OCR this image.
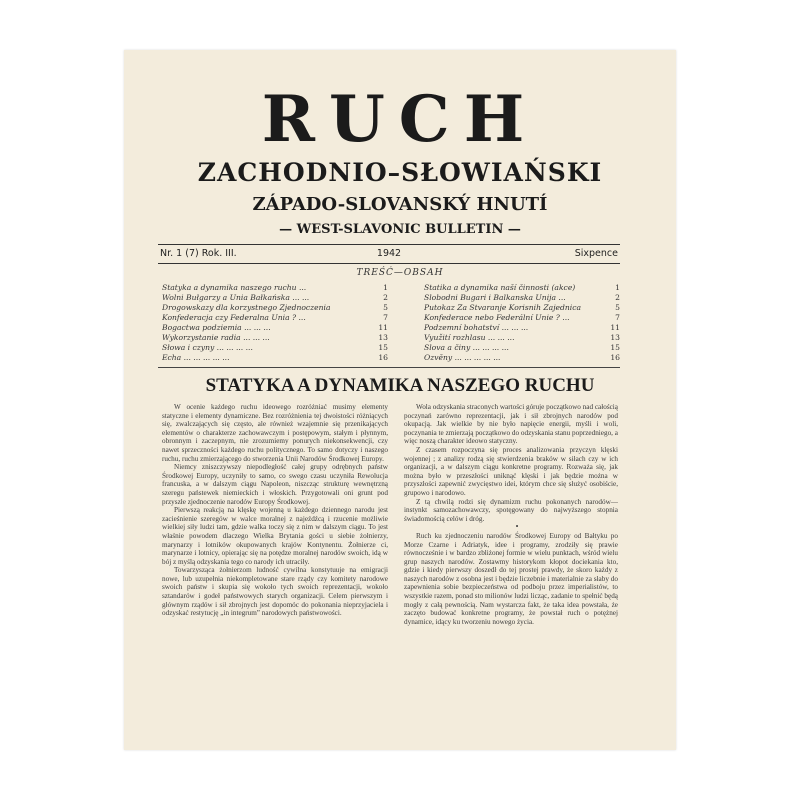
RUCH
ZACHODNIO–SŁOWIAŃSKI
ZÁPADO-SLOVANSKÝ HNUTÍ
— WEST-SLAVONIC BULLETIN —
Nr. 1 (7) Rok. III.	1942	Sixpence
TREŚĆ—OBSAH
Statyka a dynamika naszego ruchu ...	1
Wolni Bułgarzy a Unia Bałkańska ... ...	2
Drogowskazy dla korzystnego Zjednoczenia	5
Konfederacja czy Federalna Unia ? ...	7
Bogactwa podziemia ... ... ...	11
Wykorzystanie radia ... ... ...	13
Słowa i czyny ... ... ... ...	15
Echa ... ... ... ... ...	16
Statika a dynamika naší činnosti (akce)	1
Slobodni Bugari i Balkanska Unija ...	2
Putokaz Za Stvaranje Korisnih Zajednica	5
Konfederace nebo Federální Unie ? ...	7
Podzemní bohatství ... ... ...	11
Využití rozhlasu ... ... ...	13
Slova a činy ... ... ... ...	15
Ozvěny ... ... ... ... ...	16
STATYKA A DYNAMIKA NASZEGO RUCHU

W ocenie każdego ruchu ideowego rozróżniać musimy elementy statyczne i elementy dynamiczne. Bez rozróżnienia tej dwoistości różniących się, zwalczających się często, ale również wzajemnie się przenikających elementów o charakterze zachowawczym i postępowym, stałym i płynnym, obronnym i zaczepnym, nie zrozumiemy ponurych niekonsekwencji, czy nawet sprzeczności każdego ruchu politycznego. To samo dotyczy i naszego ruchu, ruchu zmierzającego do stworzenia Unii Narodów Środkowej Europy.

Niemcy zniszczywszy niepodległość całej grupy odrębnych państw Środkowej Europy, uczyniły to samo, co swego czasu uczyniła Rewolucja francuska, a w dalszym ciągu Napoleon, niszcząc strukturę wewnętrzną szeregu państewek niemieckich i włoskich. Przygotowali oni grunt pod przyszłe zjednoczenie narodów Europy Środkowej.

Pierwszą reakcją na klęskę wojenną u każdego dziennego narodu jest zacieśnienie szeregów w walce moralnej z najeźdźcą i rzucenie możliwie wielkiej siły ludzi tam, gdzie walka toczy się z nim w dalszym ciągu. To jest właśnie powodem dlaczego Wielka Brytania gości u siebie żołnierzy, marynarzy i lotników okupowanych krajów Kontynentu. Żołnierze ci, marynarze i lotnicy, opierając się na potędze moralnej narodów swoich, idą w bój z myślą odzyskania tego co narody ich utraciły.

Towarzysząca żołnierzom ludność cywilna konstytuuje na emigracji nowe, lub uzupełnia niekompletowane stare rządy czy komitety narodowe swoich państw i skupia się wokoło tych swoich reprezentacji, wokoło sztandarów i godeł państwowych starych organizacji. Celem pierwszym i głównym rządów i sił zbrojnych jest dopomóc do pokonania nieprzyjaciela i odzyskać restytucję „in integrum” narodowych państwowości.

Wola odzyskania straconych wartości góruje początkowo nad całością poczynań zarówno reprezentacji, jak i sił zbrojnych narodów pod okupacją. Jak wielkie by nie było napięcie energii, myśli i woli, poczynania te zmierzają początkowo do odzyskania stanu poprzedniego, a więc noszą charakter ideowo statyczny.

Z czasem rozpoczyna się proces analizowania przyczyn klęski wojennej ; z analizy rodzą się stwierdzenia braków w siłach czy w ich organizacji, a w dalszym ciągu konkretne programy. Rozważa się, jak można było w przeszłości uniknąć klęski i jak będzie można w przyszłości zapewnić zwycięstwo idei, którym chce się służyć osobiście, grupowo i narodowo.

Z tą chwilą rodzi się dynamizm ruchu pokonanych narodów—instynkt samozachowawczy, spotęgowany do najwyższego stopnia świadomością celów i dróg.

•

Ruch ku zjednoczeniu narodów Środkowej Europy od Bałtyku po Morze Czarne i Adriatyk, idee i programy, zrodziły się prawie równocześnie i w bardzo zbliżonej formie w wielu punktach, wśród wielu grup naszych narodów. Zostawmy historykom kłopot dociekania kto, gdzie i kiedy pierwszy doszedł do tej prostej prawdy, że skoro każdy z naszych narodów z osobna jest i będzie liczebnie i materialnie za słaby do zapewnienia sobie bezpieczeństwa od podboju przez imperialistów, to wszystkie razem, ponad sto milionów ludzi licząc, zadanie to spełnić będą mogły z całą pewnością. Nam wystarcza fakt, że taka idea powstała, że zaczęto budować konkretne programy, że powstał ruch o potężnej dynamice, idący ku tworzeniu nowego życia.
